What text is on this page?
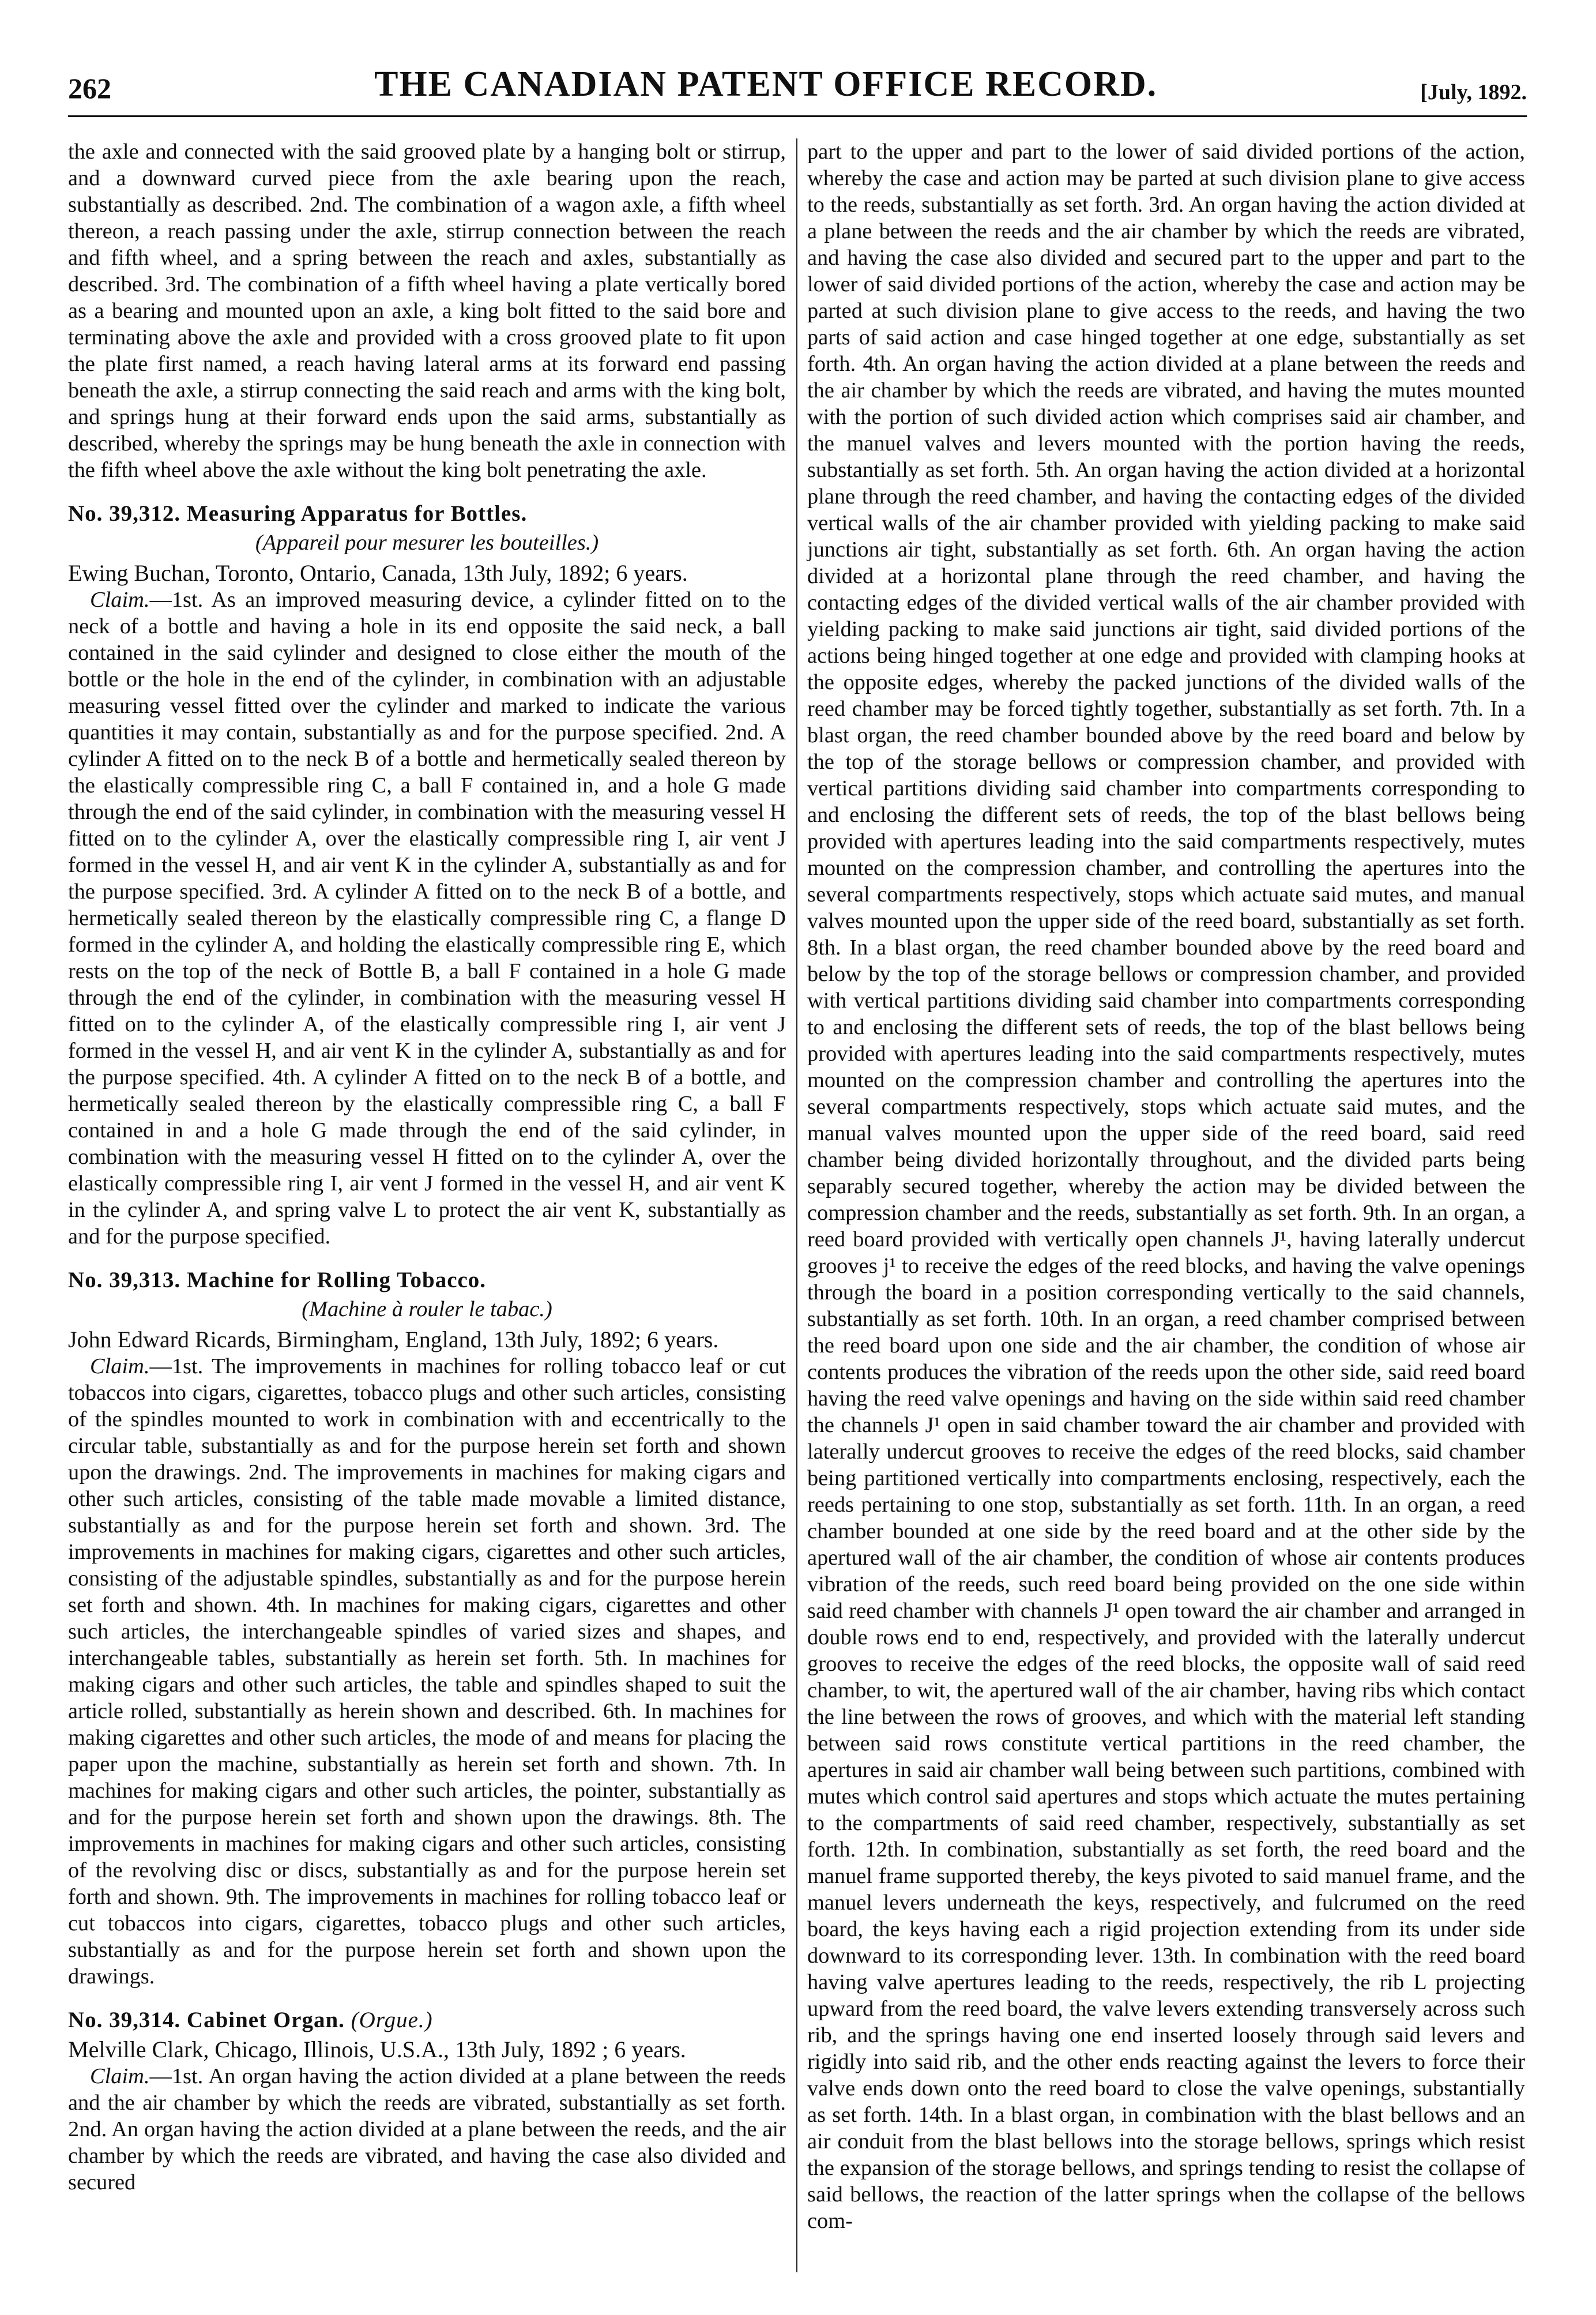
262	THE CANADIAN PATENT OFFICE RECORD.	[July, 1892.

the axle and connected with the said grooved plate by a hanging bolt or stirrup, and a downward curved piece from the axle bearing upon the reach, substantially as described. 2nd. The combination of a wagon axle, a fifth wheel thereon, a reach passing under the axle, stirrup connection between the reach and fifth wheel, and a spring between the reach and axles, substantially as described. 3rd. The combination of a fifth wheel having a plate vertically bored as a bearing and mounted upon an axle, a king bolt fitted to the said bore and terminating above the axle and provided with a cross grooved plate to fit upon the plate first named, a reach having lateral arms at its forward end passing beneath the axle, a stirrup connecting the said reach and arms with the king bolt, and springs hung at their forward ends upon the said arms, substantially as described, whereby the springs may be hung beneath the axle in connection with the fifth wheel above the axle without the king bolt penetrating the axle.

No. 39,312. Measuring Apparatus for Bottles.

(Appareil pour mesurer les bouteilles.)

Ewing Buchan, Toronto, Ontario, Canada, 13th July, 1892; 6 years.

Claim.—1st. As an improved measuring device, a cylinder fitted on to the neck of a bottle and having a hole in its end opposite the said neck, a ball contained in the said cylinder and designed to close either the mouth of the bottle or the hole in the end of the cylinder, in combination with an adjustable measuring vessel fitted over the cylinder and marked to indicate the various quantities it may contain, substantially as and for the purpose specified. 2nd. A cylinder A fitted on to the neck B of a bottle and hermetically sealed thereon by the elastically compressible ring C, a ball F contained in, and a hole G made through the end of the said cylinder, in combination with the measuring vessel H fitted on to the cylinder A, over the elastically compressible ring I, air vent J formed in the vessel H, and air vent K in the cylinder A, substantially as and for the purpose specified. 3rd. A cylinder A fitted on to the neck B of a bottle, and hermetically sealed thereon by the elastically compressible ring C, a flange D formed in the cylinder A, and holding the elastically compressible ring E, which rests on the top of the neck of Bottle B, a ball F contained in a hole G made through the end of the cylinder, in combination with the measuring vessel H fitted on to the cylinder A, of the elastically compressible ring I, air vent J formed in the vessel H, and air vent K in the cylinder A, substantially as and for the purpose specified. 4th. A cylinder A fitted on to the neck B of a bottle, and hermetically sealed thereon by the elastically compressible ring C, a ball F contained in and a hole G made through the end of the said cylinder, in combination with the measuring vessel H fitted on to the cylinder A, over the elastically compressible ring I, air vent J formed in the vessel H, and air vent K in the cylinder A, and spring valve L to protect the air vent K, substantially as and for the purpose specified.

No. 39,313. Machine for Rolling Tobacco.

(Machine à rouler le tabac.)

John Edward Ricards, Birmingham, England, 13th July, 1892; 6 years.

Claim.—1st. The improvements in machines for rolling tobacco leaf or cut tobaccos into cigars, cigarettes, tobacco plugs and other such articles, consisting of the spindles mounted to work in combination with and eccentrically to the circular table, substantially as and for the purpose herein set forth and shown upon the drawings. 2nd. The improvements in machines for making cigars and other such articles, consisting of the table made movable a limited distance, substantially as and for the purpose herein set forth and shown. 3rd. The improvements in machines for making cigars, cigarettes and other such articles, consisting of the adjustable spindles, substantially as and for the purpose herein set forth and shown. 4th. In machines for making cigars, cigarettes and other such articles, the interchangeable spindles of varied sizes and shapes, and interchangeable tables, substantially as herein set forth. 5th. In machines for making cigars and other such articles, the table and spindles shaped to suit the article rolled, substantially as herein shown and described. 6th. In machines for making cigarettes and other such articles, the mode of and means for placing the paper upon the machine, substantially as herein set forth and shown. 7th. In machines for making cigars and other such articles, the pointer, substantially as and for the purpose herein set forth and shown upon the drawings. 8th. The improvements in machines for making cigars and other such articles, consisting of the revolving disc or discs, substantially as and for the purpose herein set forth and shown. 9th. The improvements in machines for rolling tobacco leaf or cut tobaccos into cigars, cigarettes, tobacco plugs and other such articles, substantially as and for the purpose herein set forth and shown upon the drawings.

No. 39,314. Cabinet Organ. (Orgue.)

Melville Clark, Chicago, Illinois, U.S.A., 13th July, 1892 ; 6 years.

Claim.—1st. An organ having the action divided at a plane between the reeds and the air chamber by which the reeds are vibrated, substantially as set forth. 2nd. An organ having the action divided at a plane between the reeds, and the air chamber by which the reeds are vibrated, and having the case also divided and secured

part to the upper and part to the lower of said divided portions of the action, whereby the case and action may be parted at such division plane to give access to the reeds, substantially as set forth. 3rd. An organ having the action divided at a plane between the reeds and the air chamber by which the reeds are vibrated, and having the case also divided and secured part to the upper and part to the lower of said divided portions of the action, whereby the case and action may be parted at such division plane to give access to the reeds, and having the two parts of said action and case hinged together at one edge, substantially as set forth. 4th. An organ having the action divided at a plane between the reeds and the air chamber by which the reeds are vibrated, and having the mutes mounted with the portion of such divided action which comprises said air chamber, and the manuel valves and levers mounted with the portion having the reeds, substantially as set forth. 5th. An organ having the action divided at a horizontal plane through the reed chamber, and having the contacting edges of the divided vertical walls of the air chamber provided with yielding packing to make said junctions air tight, substantially as set forth. 6th. An organ having the action divided at a horizontal plane through the reed chamber, and having the contacting edges of the divided vertical walls of the air chamber provided with yielding packing to make said junctions air tight, said divided portions of the actions being hinged together at one edge and provided with clamping hooks at the opposite edges, whereby the packed junctions of the divided walls of the reed chamber may be forced tightly together, substantially as set forth. 7th. In a blast organ, the reed chamber bounded above by the reed board and below by the top of the storage bellows or compression chamber, and provided with vertical partitions dividing said chamber into compartments corresponding to and enclosing the different sets of reeds, the top of the blast bellows being provided with apertures leading into the said compartments respectively, mutes mounted on the compression chamber, and controlling the apertures into the several compartments respectively, stops which actuate said mutes, and manual valves mounted upon the upper side of the reed board, substantially as set forth. 8th. In a blast organ, the reed chamber bounded above by the reed board and below by the top of the storage bellows or compression chamber, and provided with vertical partitions dividing said chamber into compartments corresponding to and enclosing the different sets of reeds, the top of the blast bellows being provided with apertures leading into the said compartments respectively, mutes mounted on the compression chamber and controlling the apertures into the several compartments respectively, stops which actuate said mutes, and the manual valves mounted upon the upper side of the reed board, said reed chamber being divided horizontally throughout, and the divided parts being separably secured together, whereby the action may be divided between the compression chamber and the reeds, substantially as set forth. 9th. In an organ, a reed board provided with vertically open channels J¹, having laterally undercut grooves j¹ to receive the edges of the reed blocks, and having the valve openings through the board in a position corresponding vertically to the said channels, substantially as set forth. 10th. In an organ, a reed chamber comprised between the reed board upon one side and the air chamber, the condition of whose air contents produces the vibration of the reeds upon the other side, said reed board having the reed valve openings and having on the side within said reed chamber the channels J¹ open in said chamber toward the air chamber and provided with laterally undercut grooves to receive the edges of the reed blocks, said chamber being partitioned vertically into compartments enclosing, respectively, each the reeds pertaining to one stop, substantially as set forth. 11th. In an organ, a reed chamber bounded at one side by the reed board and at the other side by the apertured wall of the air chamber, the condition of whose air contents produces vibration of the reeds, such reed board being provided on the one side within said reed chamber with channels J¹ open toward the air chamber and arranged in double rows end to end, respectively, and provided with the laterally undercut grooves to receive the edges of the reed blocks, the opposite wall of said reed chamber, to wit, the apertured wall of the air chamber, having ribs which contact the line between the rows of grooves, and which with the material left standing between said rows constitute vertical partitions in the reed chamber, the apertures in said air chamber wall being between such partitions, combined with mutes which control said apertures and stops which actuate the mutes pertaining to the compartments of said reed chamber, respectively, substantially as set forth. 12th. In combination, substantially as set forth, the reed board and the manuel frame supported thereby, the keys pivoted to said manuel frame, and the manuel levers underneath the keys, respectively, and fulcrumed on the reed board, the keys having each a rigid projection extending from its under side downward to its corresponding lever. 13th. In combination with the reed board having valve apertures leading to the reeds, respectively, the rib L projecting upward from the reed board, the valve levers extending transversely across such rib, and the springs having one end inserted loosely through said levers and rigidly into said rib, and the other ends reacting against the levers to force their valve ends down onto the reed board to close the valve openings, substantially as set forth. 14th. In a blast organ, in combination with the blast bellows and an air conduit from the blast bellows into the storage bellows, springs which resist the expansion of the storage bellows, and springs tending to resist the collapse of said bellows, the reaction of the latter springs when the collapse of the bellows com-
